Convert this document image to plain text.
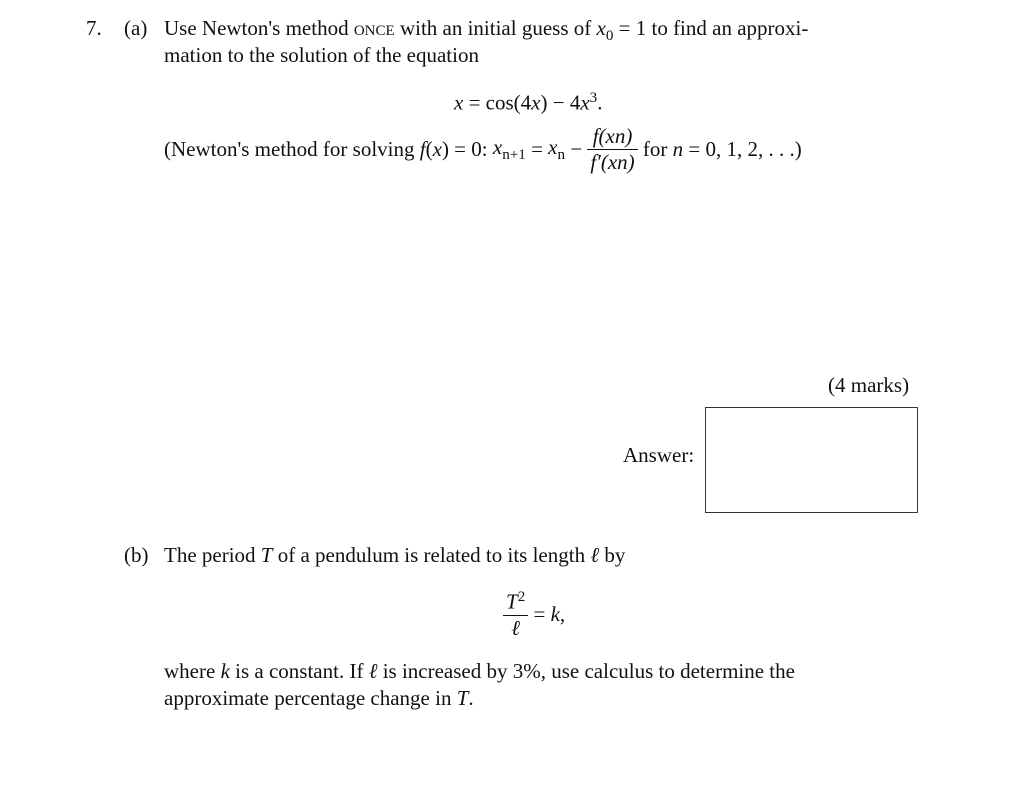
7. (a) Use Newton's method once with an initial guess of $x_0 = 1$ to find an approxi-
mation to the solution of the equation
$x = \cos(4x) - 4x^3$.
(Newton's method for solving f(x) = 0: $x_{n+1} = x_n - \frac{f(xn)}{f'(xn)}$ for n = 0, 1, 2, . . .)
(4 marks)
Answer:
(b) The period T of a pendulum is related to its length ℓ by
$\frac{T^2}{\text{ℓ}} = k$,
where k is a constant. If ℓ is increased by 3%, use calculus to determine the
approximate percentage change in T.
